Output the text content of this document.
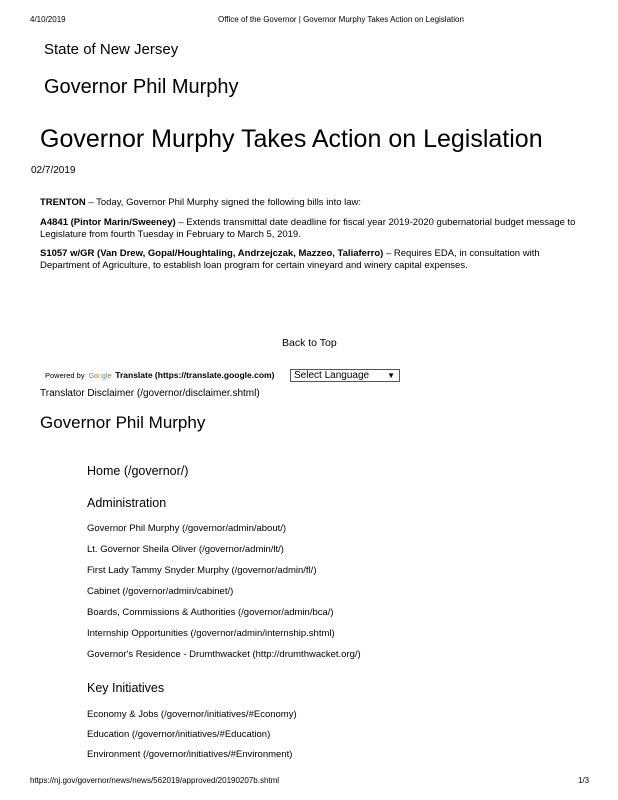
4/10/2019	Office of the Governor | Governor Murphy Takes Action on Legislation
State of New Jersey
Governor Phil Murphy
Governor Murphy Takes Action on Legislation
02/7/2019
TRENTON – Today, Governor Phil Murphy signed the following bills into law:
A4841 (Pintor Marin/Sweeney) – Extends transmittal date deadline for fiscal year 2019-2020 gubernatorial budget message to Legislature from fourth Tuesday in February to March 5, 2019.
S1057 w/GR (Van Drew, Gopal/Houghtaling, Andrzejczak, Mazzeo, Taliaferro) – Requires EDA, in consultation with Department of Agriculture, to establish loan program for certain vineyard and winery capital expenses.
Back to Top
Powered by Google Translate (https://translate.google.com)	Select Language ▼
Translator Disclaimer (/governor/disclaimer.shtml)
Governor Phil Murphy
Home (/governor/)
Administration
Governor Phil Murphy (/governor/admin/about/)
Lt. Governor Sheila Oliver (/governor/admin/lt/)
First Lady Tammy Snyder Murphy (/governor/admin/fl/)
Cabinet (/governor/admin/cabinet/)
Boards, Commissions & Authorities (/governor/admin/bca/)
Internship Opportunities (/governor/admin/internship.shtml)
Governor's Residence - Drumthwacket (http://drumthwacket.org/)
Key Initiatives
Economy & Jobs (/governor/initiatives/#Economy)
Education (/governor/initiatives/#Education)
Environment (/governor/initiatives/#Environment)
https://nj.gov/governor/news/news/562019/approved/20190207b.shtml	1/3
